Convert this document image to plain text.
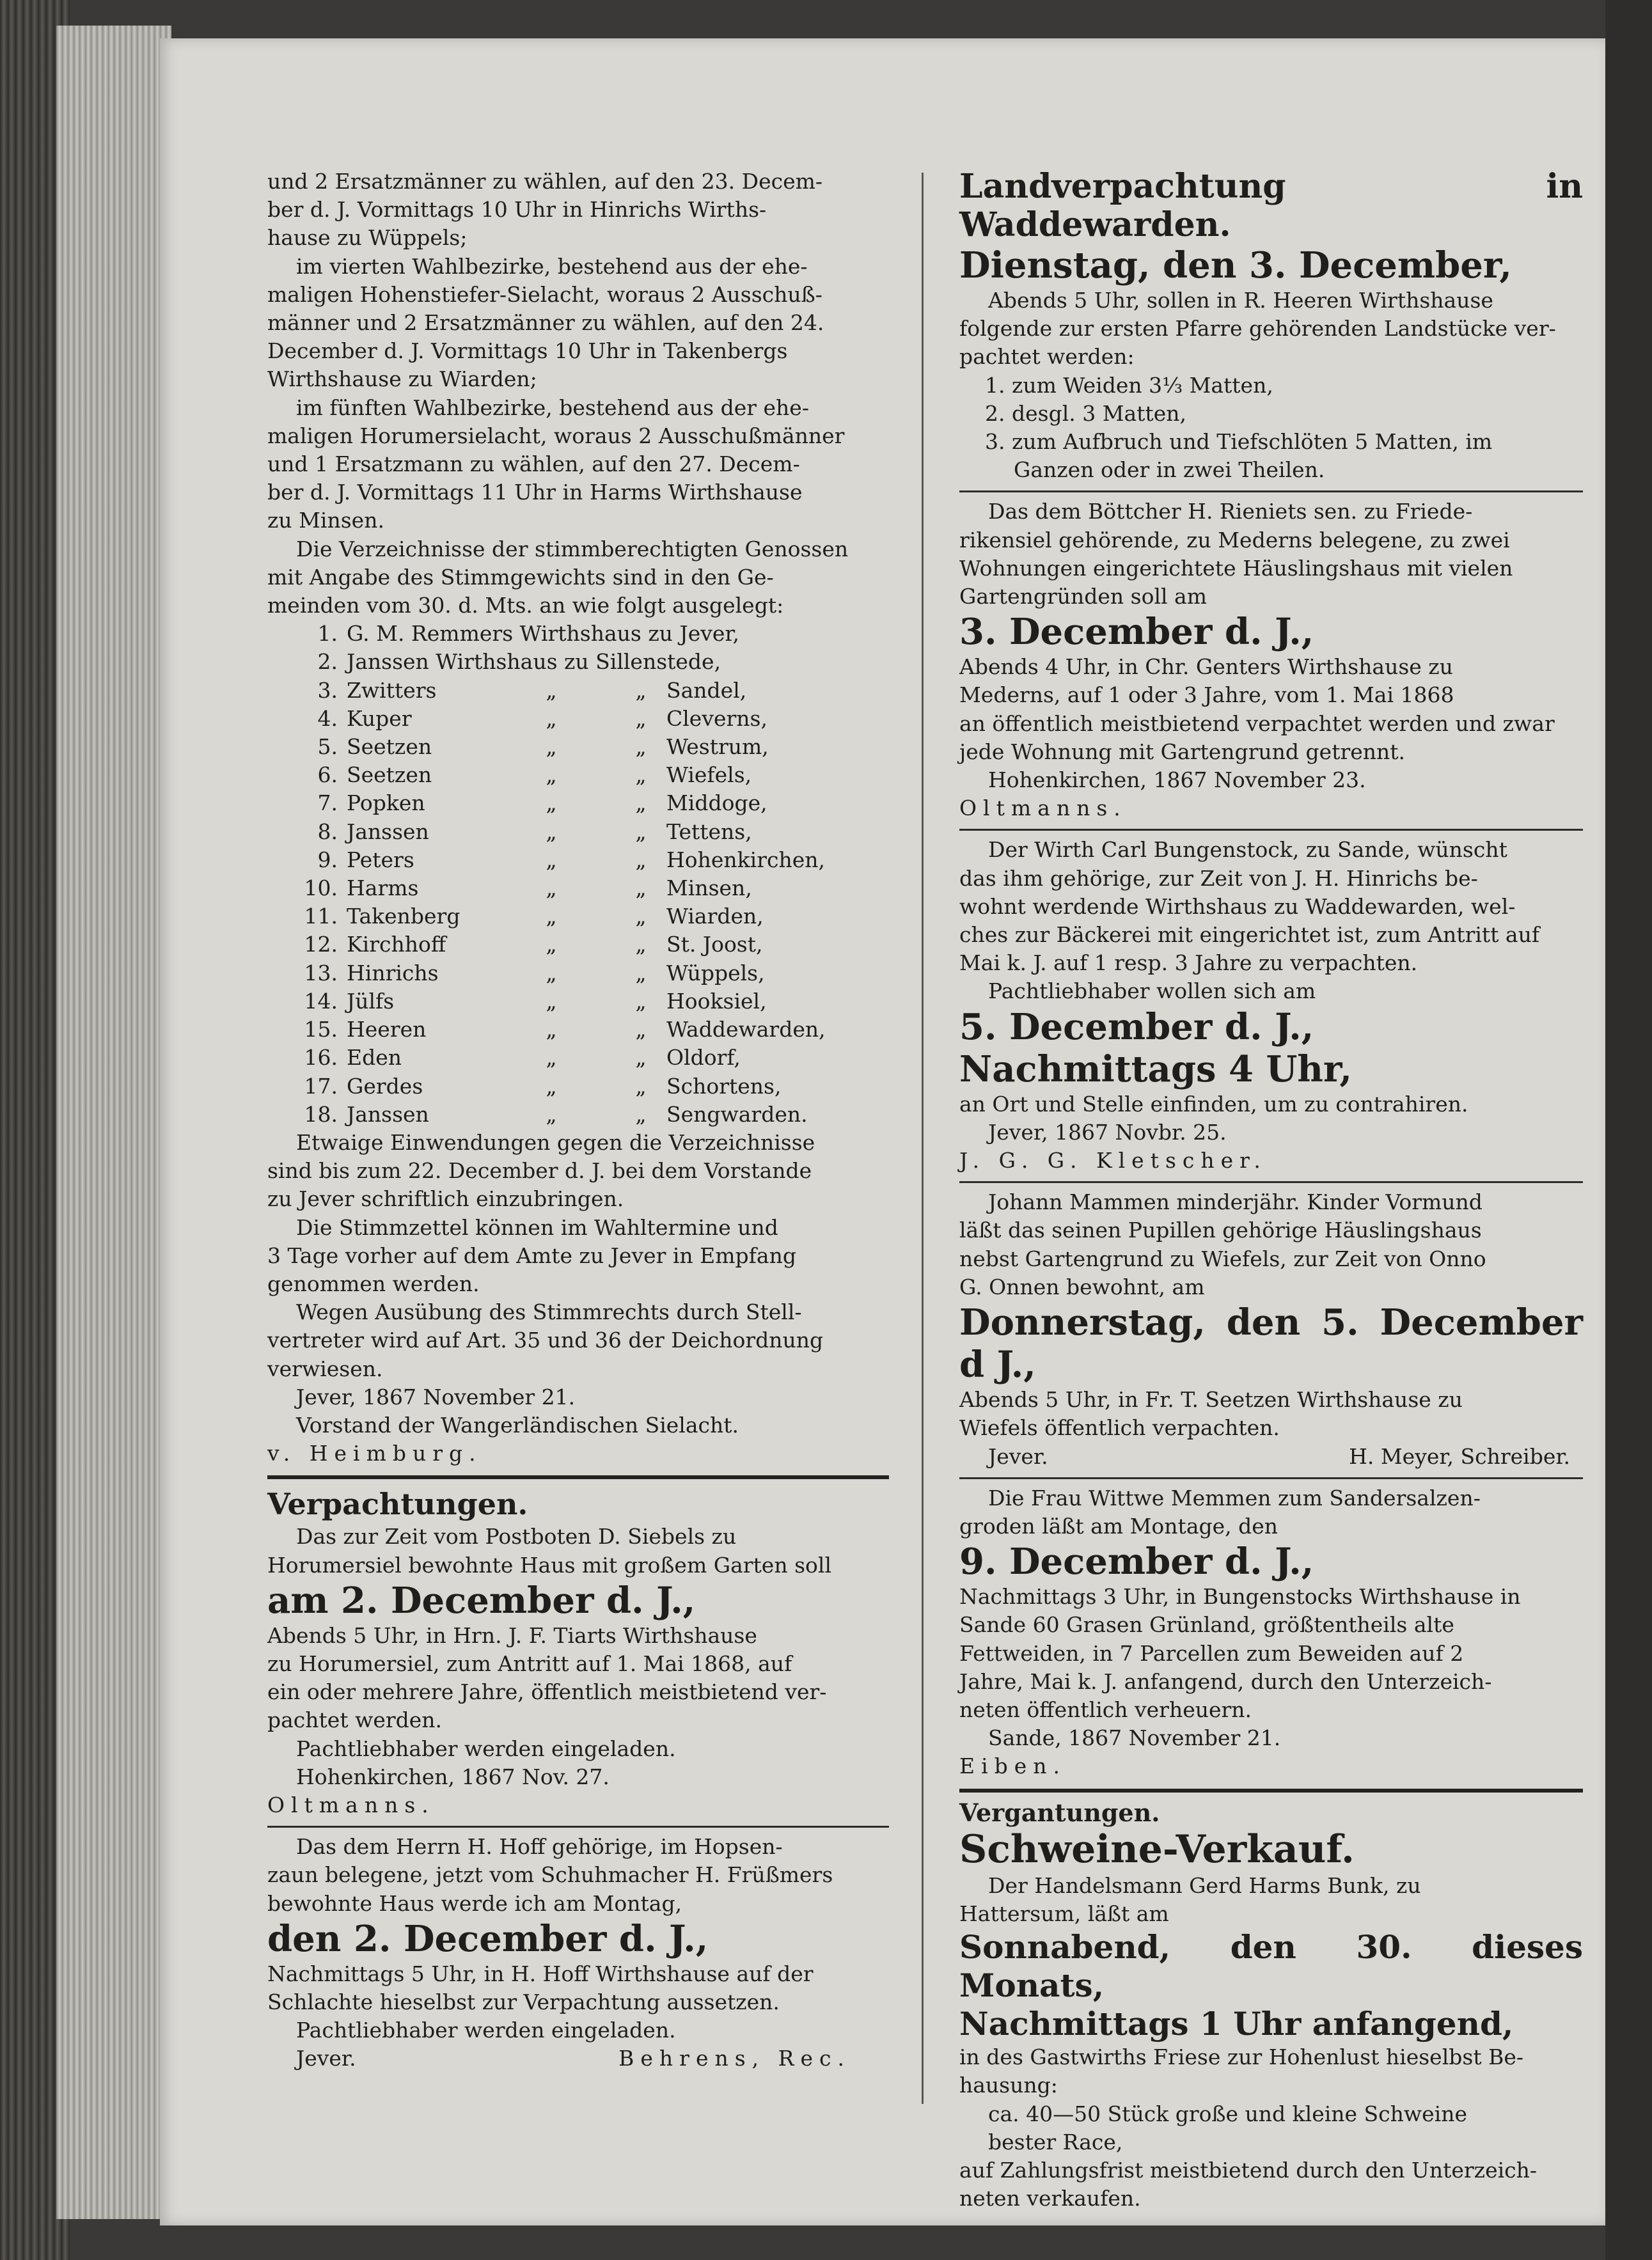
und 2 Ersatzmänner zu wählen, auf den 23. Decem-

ber d. J. Vormittags 10 Uhr in Hinrichs Wirths-

hause zu Wüppels;

im vierten Wahlbezirke, bestehend aus der ehe-

maligen Hohenstiefer-Sielacht, woraus 2 Ausschuß-

männer und 2 Ersatzmänner zu wählen, auf den 24.

December d. J. Vormittags 10 Uhr in Takenbergs

Wirthshause zu Wiarden;

im fünften Wahlbezirke, bestehend aus der ehe-

maligen Horumersielacht, woraus 2 Ausschußmänner

und 1 Ersatzmann zu wählen, auf den 27. Decem-

ber d. J. Vormittags 11 Uhr in Harms Wirthshause

zu Minsen.

Die Verzeichnisse der stimmberechtigten Genossen

mit Angabe des Stimmgewichts sind in den Ge-

meinden vom 30. d. Mts. an wie folgt ausgelegt:

1.	G. M. Remmers Wirthshaus zu Jever,			
2.	Janssen Wirthshaus zu Sillenstede,			
3.	Zwitters	„	„	Sandel,
4.	Kuper	„	„	Cleverns,
5.	Seetzen	„	„	Westrum,
6.	Seetzen	„	„	Wiefels,
7.	Popken	„	„	Middoge,
8.	Janssen	„	„	Tettens,
9.	Peters	„	„	Hohenkirchen,
10.	Harms	„	„	Minsen,
11.	Takenberg	„	„	Wiarden,
12.	Kirchhoff	„	„	St. Joost,
13.	Hinrichs	„	„	Wüppels,
14.	Jülfs	„	„	Hooksiel,
15.	Heeren	„	„	Waddewarden,
16.	Eden	„	„	Oldorf,
17.	Gerdes	„	„	Schortens,
18.	Janssen	„	„	Sengwarden.

Etwaige Einwendungen gegen die Verzeichnisse

sind bis zum 22. December d. J. bei dem Vorstande

zu Jever schriftlich einzubringen.

Die Stimmzettel können im Wahltermine und

3 Tage vorher auf dem Amte zu Jever in Empfang

genommen werden.

Wegen Ausübung des Stimmrechts durch Stell-

vertreter wird auf Art. 35 und 36 der Deichordnung

verwiesen.

Jever, 1867 November 21.

Vorstand der Wangerländischen Sielacht.

v. Heimburg.

Verpachtungen.

Das zur Zeit vom Postboten D. Siebels zu

Horumersiel bewohnte Haus mit großem Garten soll

am 2. December d. J.,

Abends 5 Uhr, in Hrn. J. F. Tiarts Wirthshause

zu Horumersiel, zum Antritt auf 1. Mai 1868, auf

ein oder mehrere Jahre, öffentlich meistbietend ver-

pachtet werden.

Pachtliebhaber werden eingeladen.

Hohenkirchen, 1867 Nov. 27.

Oltmanns.

Das dem Herrn H. Hoff gehörige, im Hopsen-

zaun belegene, jetzt vom Schuhmacher H. Früßmers

bewohnte Haus werde ich am Montag,

den 2. December d. J.,

Nachmittags 5 Uhr, in H. Hoff Wirthshause auf der

Schlachte hieselbst zur Verpachtung aussetzen.

Pachtliebhaber werden eingeladen.

Jever.	Behrens, Rec.

Landverpachtung in Waddewarden.

Dienstag, den 3. December,

Abends 5 Uhr, sollen in R. Heeren Wirthshause

folgende zur ersten Pfarre gehörenden Landstücke ver-

pachtet werden:

1. zum Weiden 3⅓ Matten,

2. desgl. 3 Matten,

3. zum Aufbruch und Tiefschlöten 5 Matten, im

Ganzen oder in zwei Theilen.

Das dem Böttcher H. Rieniets sen. zu Friede-

rikensiel gehörende, zu Mederns belegene, zu zwei

Wohnungen eingerichtete Häuslingshaus mit vielen

Gartengründen soll am

3. December d. J.,

Abends 4 Uhr, in Chr. Genters Wirthshause zu

Mederns, auf 1 oder 3 Jahre, vom 1. Mai 1868

an öffentlich meistbietend verpachtet werden und zwar

jede Wohnung mit Gartengrund getrennt.

Hohenkirchen, 1867 November 23.

Oltmanns.

Der Wirth Carl Bungenstock, zu Sande, wünscht

das ihm gehörige, zur Zeit von J. H. Hinrichs be-

wohnt werdende Wirthshaus zu Waddewarden, wel-

ches zur Bäckerei mit eingerichtet ist, zum Antritt auf

Mai k. J. auf 1 resp. 3 Jahre zu verpachten.

Pachtliebhaber wollen sich am

5. December d. J.,

Nachmittags 4 Uhr,

an Ort und Stelle einfinden, um zu contrahiren.

Jever, 1867 Novbr. 25.

J. G. G. Kletscher.

Johann Mammen minderjähr. Kinder Vormund

läßt das seinen Pupillen gehörige Häuslingshaus

nebst Gartengrund zu Wiefels, zur Zeit von Onno

G. Onnen bewohnt, am

Donnerstag, den 5. December d J.,

Abends 5 Uhr, in Fr. T. Seetzen Wirthshause zu

Wiefels öffentlich verpachten.

Jever.	H. Meyer, Schreiber.

Die Frau Wittwe Memmen zum Sandersalzen-

groden läßt am Montage, den

9. December d. J.,

Nachmittags 3 Uhr, in Bungenstocks Wirthshause in

Sande 60 Grasen Grünland, größtentheils alte

Fettweiden, in 7 Parcellen zum Beweiden auf 2

Jahre, Mai k. J. anfangend, durch den Unterzeich-

neten öffentlich verheuern.

Sande, 1867 November 21.

Eiben.

Vergantungen.

Schweine-Verkauf.

Der Handelsmann Gerd Harms Bunk, zu

Hattersum, läßt am

Sonnabend, den 30. dieses Monats,

Nachmittags 1 Uhr anfangend,

in des Gastwirths Friese zur Hohenlust hieselbst Be-

hausung:

ca. 40—50 Stück große und kleine Schweine

bester Race,

auf Zahlungsfrist meistbietend durch den Unterzeich-

neten verkaufen.
